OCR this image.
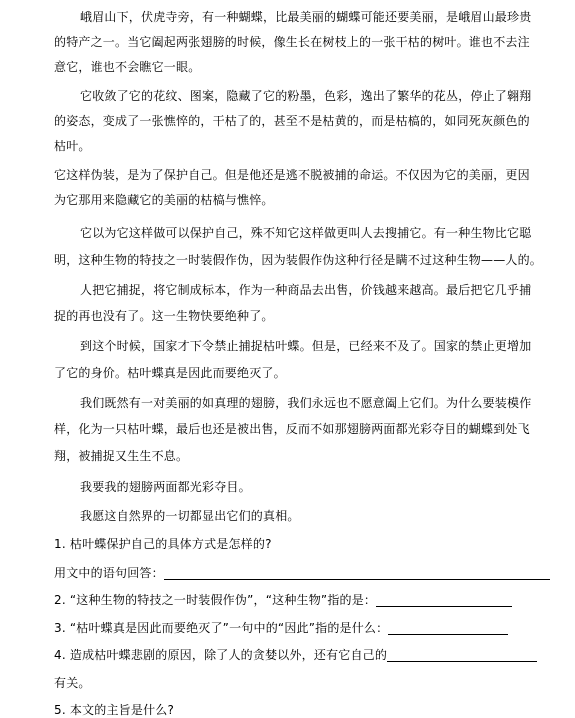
峨眉山下，伏虎寺旁，有一种蝴蝶，比最美丽的蝴蝶可能还要美丽，是峨眉山最珍贵
的特产之一。当它阖起两张翅膀的时候，像生长在树枝上的一张干枯的树叶。谁也不去注
意它，谁也不会瞧它一眼。
它收敛了它的花纹、图案，隐藏了它的粉墨，色彩，逸出了繁华的花丛，停止了翱翔
的姿态，变成了一张憔悴的，干枯了的，甚至不是枯黄的，而是枯槁的，如同死灰颜色的
枯叶。
它这样伪装，是为了保护自己。但是他还是逃不脱被捕的命运。不仅因为它的美丽，更因
为它那用来隐藏它的美丽的枯槁与憔悴。
它以为它这样做可以保护自己，殊不知它这样做更叫人去搜捕它。有一种生物比它聪
明，这种生物的特技之一时装假作伪，因为装假作伪这种行径是瞒不过这种生物——人的。
人把它捕捉，将它制成标本，作为一种商品去出售，价钱越来越高。最后把它几乎捕
捉的再也没有了。这一生物快要绝种了。
到这个时候，国家才下令禁止捕捉枯叶蝶。但是，已经来不及了。国家的禁止更增加
了它的身价。枯叶蝶真是因此而要绝灭了。
我们既然有一对美丽的如真理的翅膀，我们永远也不愿意阖上它们。为什么要装模作
样，化为一只枯叶蝶，最后也还是被出售，反而不如那翅膀两面都光彩夺目的蝴蝶到处飞
翔，被捕捉又生生不息。
我要我的翅膀两面都光彩夺目。
我愿这自然界的一切都显出它们的真相。
1. 枯叶蝶保护自己的具体方式是怎样的?
用文中的语句回答：
2. “这种生物的特技之一时装假作伪”，“这种生物”指的是：
3. “枯叶蝶真是因此而要绝灭了”一句中的“因此”指的是什么：
4. 造成枯叶蝶悲剧的原因，除了人的贪婪以外，还有它自己的
有关。
5. 本文的主旨是什么?
